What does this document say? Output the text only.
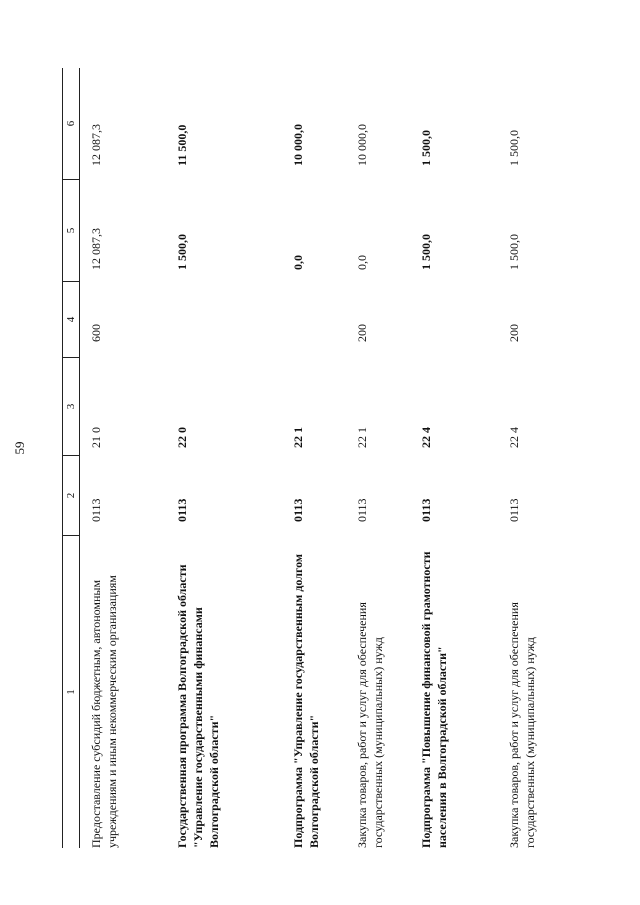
59
1
2
3
4
5
6
Предоставление субсидий бюджетным, автономным учреждениям и иным некоммерческим организациям
0113
21 0
600
12 087,3
12 087,3
Государственная программа Волгоградской области "Управление государственными финансами Волгоградской области"
0113
22 0
1 500,0
11 500,0
Подпрограмма "Управление государственным долгом Волгоградской области"
0113
22 1
0,0
10 000,0
Закупка товаров, работ и услуг для обеспечения государственных (муниципальных) нужд
0113
22 1
200
0,0
10 000,0
Подпрограмма "Повышение финансовой грамотности населения в Волгоградской области"
0113
22 4
1 500,0
1 500,0
Закупка товаров, работ и услуг для обеспечения государственных (муниципальных) нужд
0113
22 4
200
1 500,0
1 500,0
